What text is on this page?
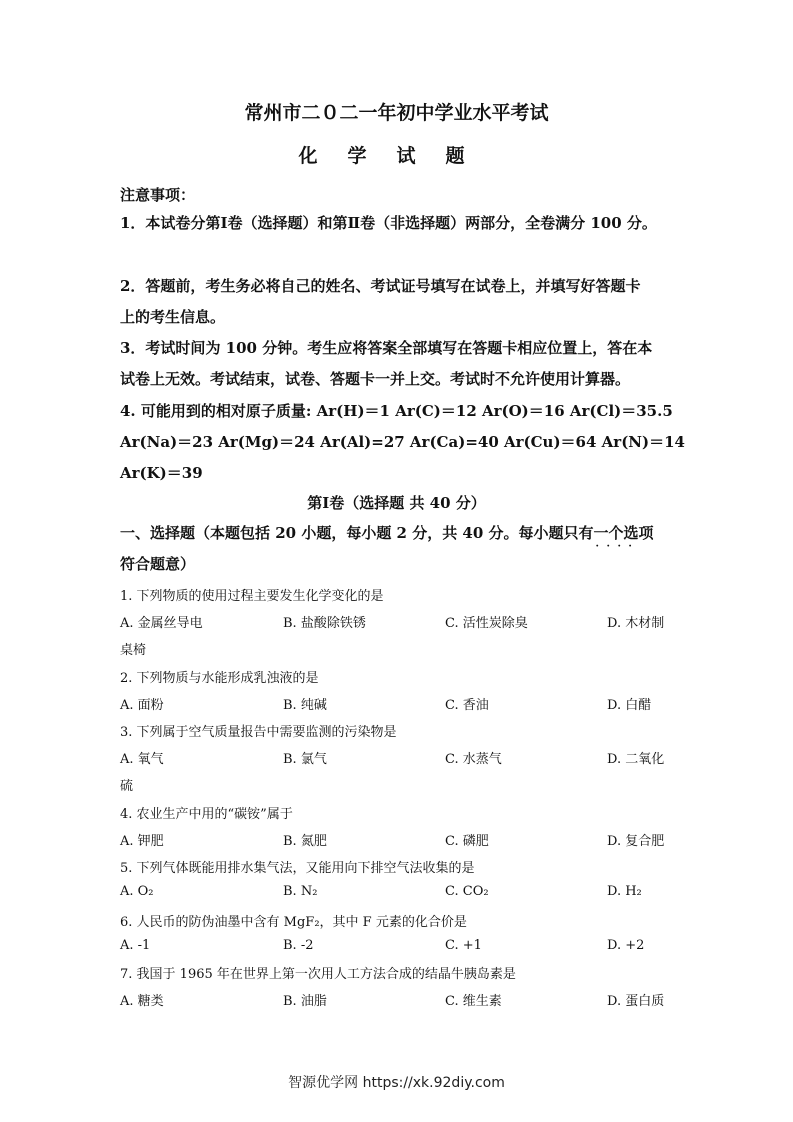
常州市二０二一年初中学业水平考试
化学试题
注意事项：
1．本试卷分第Ⅰ卷（选择题）和第Ⅱ卷（非选择题）两部分，全卷满分 100 分。
2．答题前，考生务必将自己的姓名、考试证号填写在试卷上，并填写好答题卡
上的考生信息。
3．考试时间为 100 分钟。考生应将答案全部填写在答题卡相应位置上，答在本
试卷上无效。考试结束，试卷、答题卡一并上交。考试时不允许使用计算器。
4. 可能用到的相对原子质量: Ar(H)＝1 Ar(C)＝12 Ar(O)＝16 Ar(Cl)＝35.5
Ar(Na)＝23 Ar(Mg)＝24 Ar(Al)=27 Ar(Ca)=40 Ar(Cu)＝64 Ar(N)＝14
Ar(K)＝39
第Ⅰ卷（选择题 共 40 分）
一、选择题（本题包括 20 小题，每小题 2 分，共 40 分。每小题只有一个选项 · · · ·
符合题意）
1. 下列物质的使用过程主要发生化学变化的是
A. 金属丝导电	B. 盐酸除铁锈	C. 活性炭除臭	D. 木材制
桌椅
2. 下列物质与水能形成乳浊液的是
A. 面粉	B. 纯碱	C. 香油	D. 白醋
3. 下列属于空气质量报告中需要监测的污染物是
A. 氧气	B. 氯气	C. 水蒸气	D. 二氧化
硫
4. 农业生产中用的“碳铵”属于
A. 钾肥	B. 氮肥	C. 磷肥	D. 复合肥
5. 下列气体既能用排水集气法，又能用向下排空气法收集的是
A. O₂	B. N₂	C. CO₂	D. H₂
6. 人民币的防伪油墨中含有 MgF₂，其中 F 元素的化合价是
A. -1	B. -2	C. +1	D. +2
7. 我国于 1965 年在世界上第一次用人工方法合成的结晶牛胰岛素是
A. 糖类	B. 油脂	C. 维生素	D. 蛋白质
智源优学网 https://xk.92diy.com
